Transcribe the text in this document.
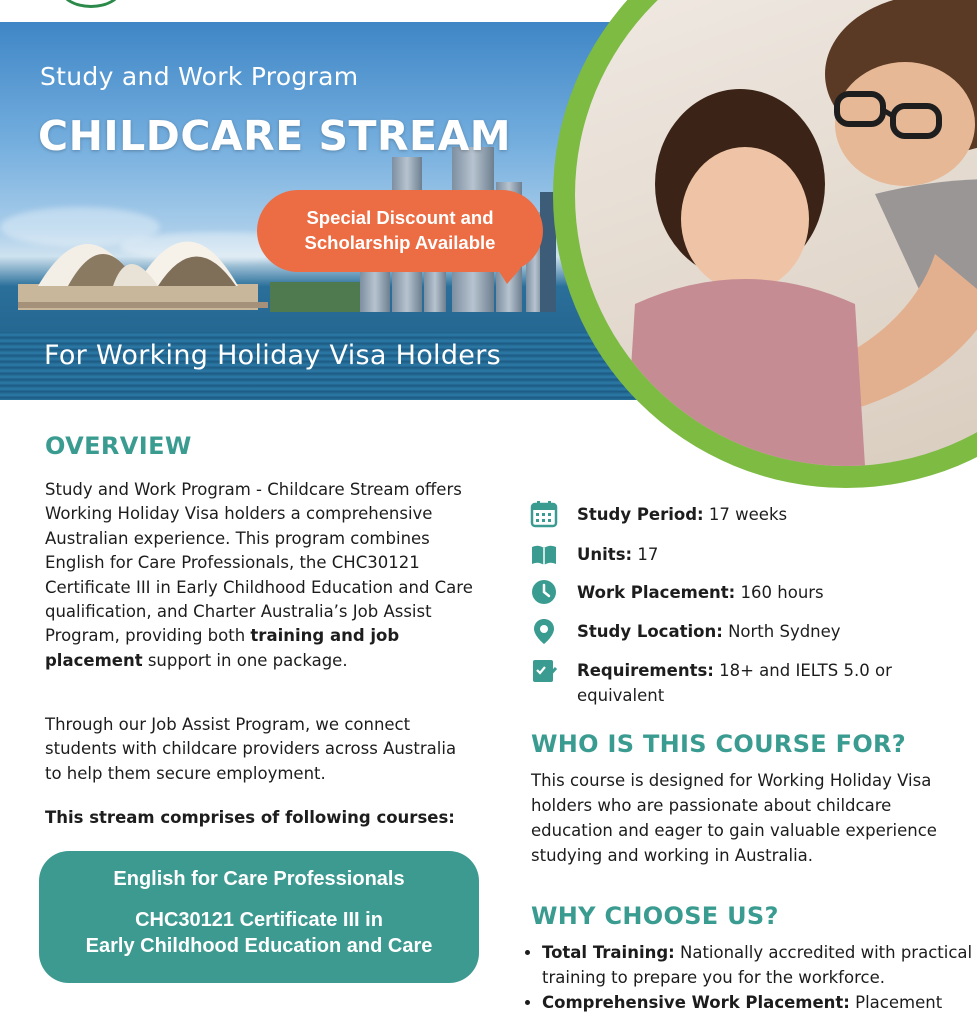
Study and Work Program
CHILDCARE STREAM
Special Discount and
Scholarship Available

For Working Holiday Visa Holders

OVERVIEW

Study and Work Program - Childcare Stream offers Working Holiday Visa holders a comprehensive Australian experience. This program combines English for Care Professionals, the CHC30121 Certificate III in Early Childhood Education and Care qualification, and Charter Australia’s Job Assist Program, providing both training and job placement support in one package.

Through our Job Assist Program, we connect students with childcare providers across Australia to help them secure employment.

This stream comprises of following courses:

English for Care Professionals
CHC30121 Certificate III in
Early Childhood Education and Care
Study Period: 17 weeks
Units: 17
Work Placement: 160 hours
Study Location: North Sydney
Requirements: 18+ and IELTS 5.0 or equivalent
WHO IS THIS COURSE FOR?

This course is designed for Working Holiday Visa holders who are passionate about childcare education and eager to gain valuable experience studying and working in Australia.

WHY CHOOSE US?
• Total Training: Nationally accredited with practical training to prepare you for the workforce.
• Comprehensive Work Placement: Placement
